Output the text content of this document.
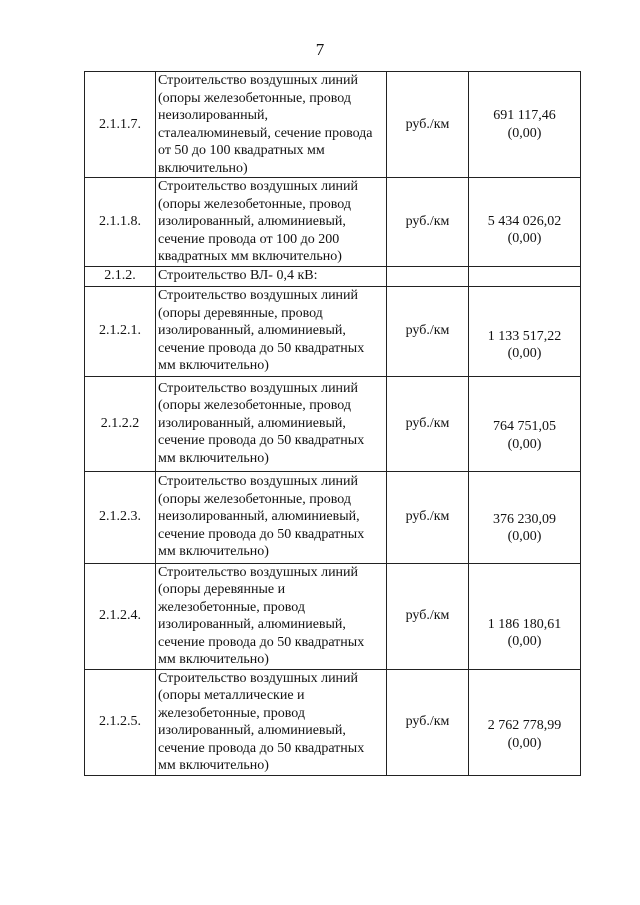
7
2.1.1.7.	Строительство воздушных линий (опоры железобетонные, провод неизолированный, сталеалюминевый, сечение провода от 50 до 100 квадратных мм включительно)	руб./км	691 117,46
(0,00)

2.1.1.8.	Строительство воздушных линий (опоры железобетонные, провод изолированный, алюминиевый, сечение провода от 100 до 200 квадратных мм включительно)	руб./км	5 434 026,02
(0,00)

2.1.2.	Строительство ВЛ- 0,4 кВ:		
2.1.2.1.	Строительство воздушных линий (опоры деревянные, провод изолированный, алюминиевый, сечение провода до 50 квадратных мм включительно)	руб./км	1 133 517,22
(0,00)

2.1.2.2	Строительство воздушных линий (опоры железобетонные, провод изолированный, алюминиевый, сечение провода до 50 квадратных мм включительно)	руб./км	764 751,05
(0,00)

2.1.2.3.	Строительство воздушных линий (опоры железобетонные, провод неизолированный, алюминиевый, сечение провода до 50 квадратных мм включительно)	руб./км	376 230,09
(0,00)

2.1.2.4.	Строительство воздушных линий (опоры деревянные и железобетонные, провод изолированный, алюминиевый, сечение провода до 50 квадратных мм включительно)	руб./км	1 186 180,61
(0,00)

2.1.2.5.	Строительство воздушных линий (опоры металлические и железобетонные, провод изолированный, алюминиевый, сечение провода до 50 квадратных мм включительно)	руб./км	2 762 778,99
(0,00)
